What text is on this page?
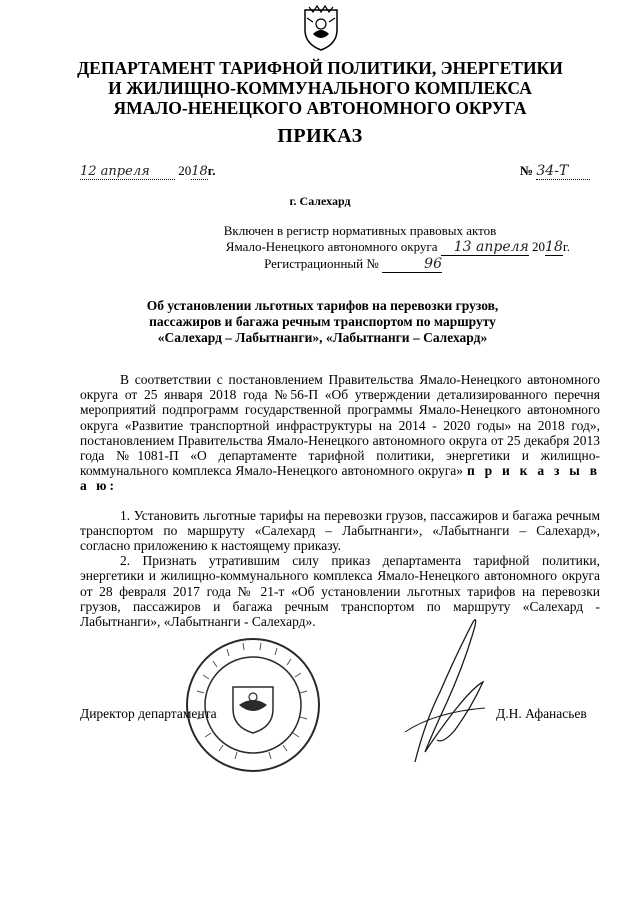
ДЕПАРТАМЕНТ ТАРИФНОЙ ПОЛИТИКИ, ЭНЕРГЕТИКИ
И ЖИЛИЩНО-КОММУНАЛЬНОГО КОМПЛЕКСА
ЯМАЛО-НЕНЕЦКОГО АВТОНОМНОГО ОКРУГА
ПРИКАЗ
12 апреля 2018г.	№ 34-Т
г. Салехард
Включен в регистр нормативных правовых актов
Ямало-Ненецкого автономного округа 13 апреля 2018г.
Регистрационный №	96
Об установлении льготных тарифов на перевозки грузов,
пассажиров и багажа речным транспортом по маршруту
«Салехард – Лабытнанги», «Лабытнанги – Салехард»

В соответствии с постановлением Правительства Ямало-Ненецкого автономного округа от 25 января 2018 года №56-П «Об утверждении детализированного перечня мероприятий подпрограмм государственной программы Ямало-Ненецкого автономного округа «Развитие транспортной инфраструктуры на 2014 - 2020 годы» на 2018 год», постановлением Правительства Ямало-Ненецкого автономного округа от 25 декабря 2013 года №1081-П «О департаменте тарифной политики, энергетики и жилищно-коммунального комплекса Ямало-Ненецкого автономного округа» п р и к а з ы в а ю:

1. Установить льготные тарифы на перевозки грузов, пассажиров и багажа речным транспортом по маршруту «Салехард – Лабытнанги», «Лабытнанги – Салехард», согласно приложению к настоящему приказу.

2. Признать утратившим силу приказ департамента тарифной политики, энергетики и жилищно-коммунального комплекса Ямало-Ненецкого автономного округа от 28 февраля 2017 года № 21-т «Об установлении льготных тарифов на перевозки грузов, пассажиров и багажа речным транспортом по маршруту «Салехард - Лабытнанги», «Лабытнанги - Салехард».

Директор департамента	Д.Н. Афанасьев
